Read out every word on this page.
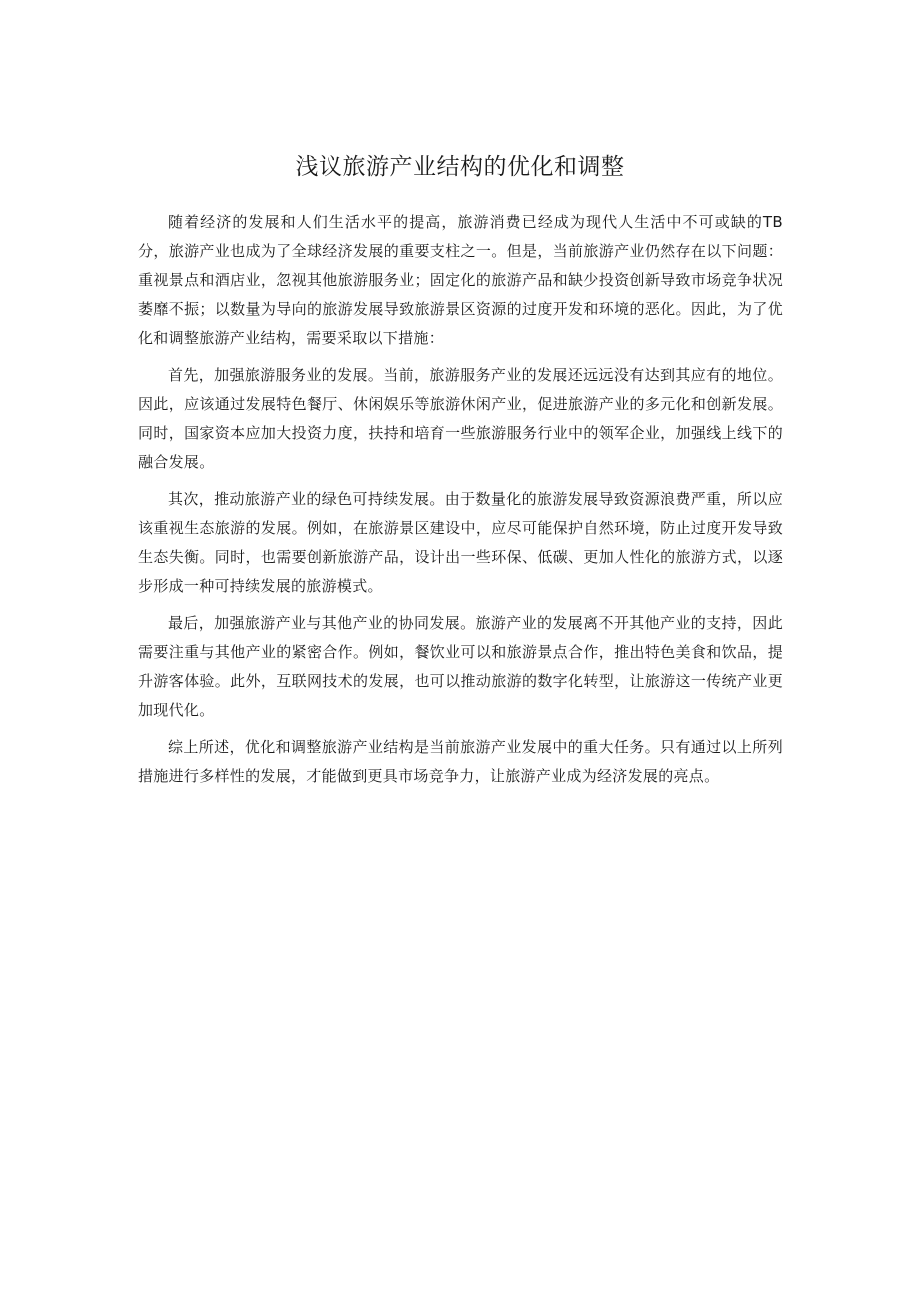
浅议旅游产业结构的优化和调整

随着经济的发展和人们生活水平的提高，旅游消费已经成为现代人生活中不可或缺的TB分，旅游产业也成为了全球经济发展的重要支柱之一。但是，当前旅游产业仍然存在以下问题：重视景点和酒店业，忽视其他旅游服务业；固定化的旅游产品和缺少投资创新导致市场竞争状况萎靡不振；以数量为导向的旅游发展导致旅游景区资源的过度开发和环境的恶化。因此，为了优化和调整旅游产业结构，需要采取以下措施：

首先，加强旅游服务业的发展。当前，旅游服务产业的发展还远远没有达到其应有的地位。因此，应该通过发展特色餐厅、休闲娱乐等旅游休闲产业，促进旅游产业的多元化和创新发展。同时，国家资本应加大投资力度，扶持和培育一些旅游服务行业中的领军企业，加强线上线下的融合发展。

其次，推动旅游产业的绿色可持续发展。由于数量化的旅游发展导致资源浪费严重，所以应该重视生态旅游的发展。例如，在旅游景区建设中，应尽可能保护自然环境，防止过度开发导致生态失衡。同时，也需要创新旅游产品，设计出一些环保、低碳、更加人性化的旅游方式，以逐步形成一种可持续发展的旅游模式。

最后，加强旅游产业与其他产业的协同发展。旅游产业的发展离不开其他产业的支持，因此需要注重与其他产业的紧密合作。例如，餐饮业可以和旅游景点合作，推出特色美食和饮品，提升游客体验。此外，互联网技术的发展，也可以推动旅游的数字化转型，让旅游这一传统产业更加现代化。

综上所述，优化和调整旅游产业结构是当前旅游产业发展中的重大任务。只有通过以上所列措施进行多样性的发展，才能做到更具市场竞争力，让旅游产业成为经济发展的亮点。
